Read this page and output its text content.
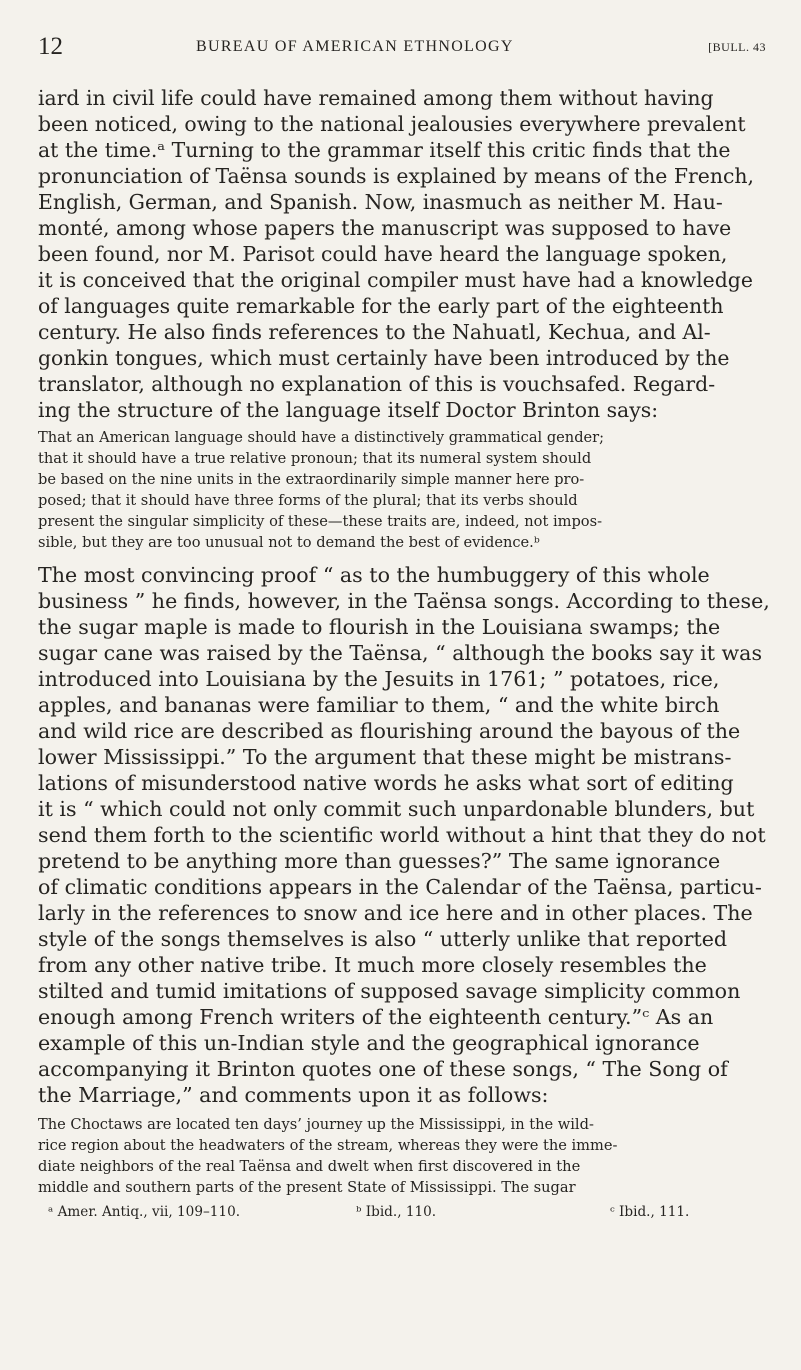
12	BUREAU OF AMERICAN ETHNOLOGY	[BULL. 43
iard in civil life could have remained among them without having
been noticed, owing to the national jealousies everywhere prevalent
at the time.ᵃ Turning to the grammar itself this critic finds that the
pronunciation of Taënsa sounds is explained by means of the French,
English, German, and Spanish. Now, inasmuch as neither M. Hau-
monté, among whose papers the manuscript was supposed to have
been found, nor M. Parisot could have heard the language spoken,
it is conceived that the original compiler must have had a knowledge
of languages quite remarkable for the early part of the eighteenth
century. He also finds references to the Nahuatl, Kechua, and Al-
gonkin tongues, which must certainly have been introduced by the
translator, although no explanation of this is vouchsafed. Regard-
ing the structure of the language itself Doctor Brinton says:
That an American language should have a distinctively grammatical gender;
that it should have a true relative pronoun; that its numeral system should
be based on the nine units in the extraordinarily simple manner here pro-
posed; that it should have three forms of the plural; that its verbs should
present the singular simplicity of these—these traits are, indeed, not impos-
sible, but they are too unusual not to demand the best of evidence.ᵇ
The most convincing proof “ as to the humbuggery of this whole
business ” he finds, however, in the Taënsa songs. According to these,
the sugar maple is made to flourish in the Louisiana swamps; the
sugar cane was raised by the Taënsa, “ although the books say it was
introduced into Louisiana by the Jesuits in 1761; ” potatoes, rice,
apples, and bananas were familiar to them, “ and the white birch
and wild rice are described as flourishing around the bayous of the
lower Mississippi.” To the argument that these might be mistrans-
lations of misunderstood native words he asks what sort of editing
it is “ which could not only commit such unpardonable blunders, but
send them forth to the scientific world without a hint that they do not
pretend to be anything more than guesses?” The same ignorance
of climatic conditions appears in the Calendar of the Taënsa, particu-
larly in the references to snow and ice here and in other places. The
style of the songs themselves is also “ utterly unlike that reported
from any other native tribe. It much more closely resembles the
stilted and tumid imitations of supposed savage simplicity common
enough among French writers of the eighteenth century.”ᶜ As an
example of this un-Indian style and the geographical ignorance
accompanying it Brinton quotes one of these songs, “ The Song of
the Marriage,” and comments upon it as follows:
The Choctaws are located ten days’ journey up the Mississippi, in the wild-
rice region about the headwaters of the stream, whereas they were the imme-
diate neighbors of the real Taënsa and dwelt when first discovered in the
middle and southern parts of the present State of Mississippi. The sugar
ᵃ Amer. Antiq., vii, 109–110.	ᵇ Ibid., 110.	ᶜ Ibid., 111.
